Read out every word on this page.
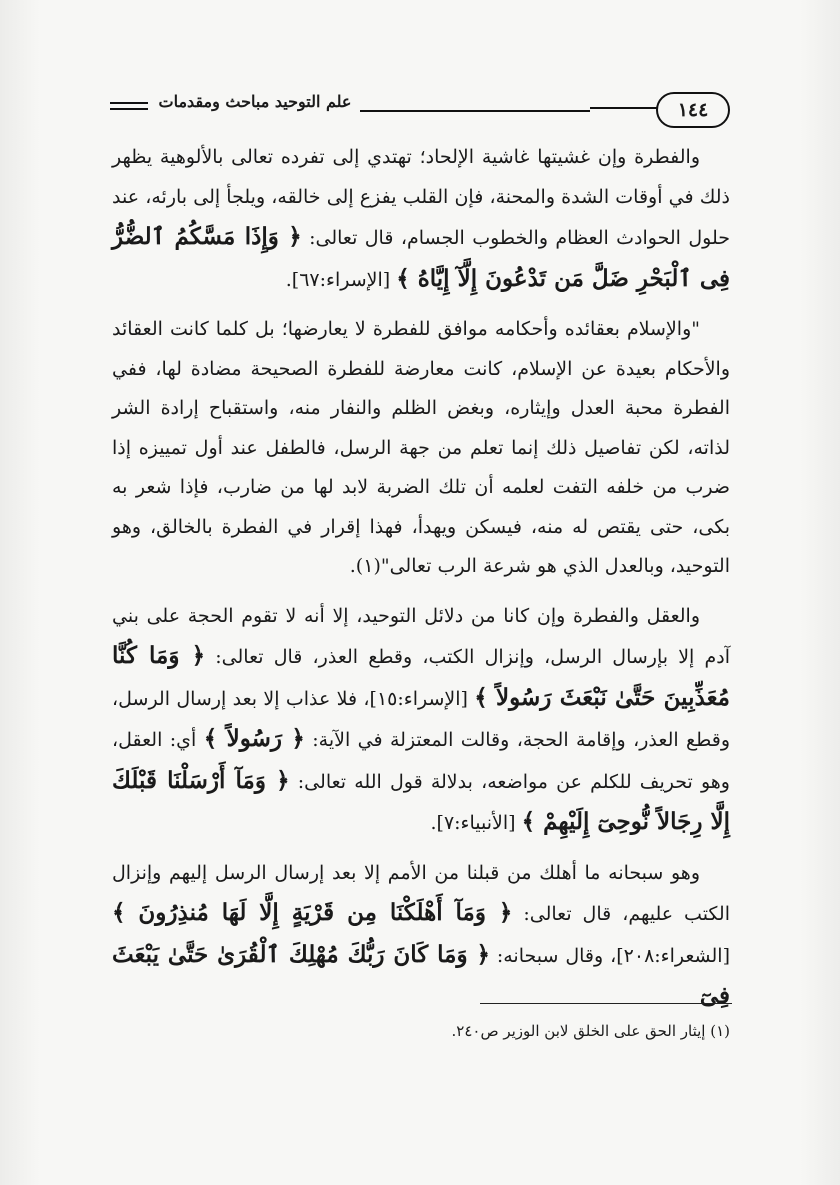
١٤٤
علم التوحيد مباحث ومقدمات

والفطرة وإن غشيتها غاشية الإلحاد؛ تهتدي إلى تفرده تعالى بالألوهية يظهر ذلك في أوقات الشدة والمحنة، فإن القلب يفزع إلى خالقه، ويلجأ إلى بارئه، عند حلول الحوادث العظام والخطوب الجسام، قال تعالى: ﴿ وَإِذَا مَسَّكُمُ ٱلضُّرُّ فِى ٱلْبَحْرِ ضَلَّ مَن تَدْعُونَ إِلَّآ إِيَّاهُ ﴾ [الإسراء:٦٧].

"والإسلام بعقائده وأحكامه موافق للفطرة لا يعارضها؛ بل كلما كانت العقائد والأحكام بعيدة عن الإسلام، كانت معارضة للفطرة الصحيحة مضادة لها، ففي الفطرة محبة العدل وإيثاره، وبغض الظلم والنفار منه، واستقباح إرادة الشر لذاته، لكن تفاصيل ذلك إنما تعلم من جهة الرسل، فالطفل عند أول تمييزه إذا ضرب من خلفه التفت لعلمه أن تلك الضربة لابد لها من ضارب، فإذا شعر به بكى، حتى يقتص له منه، فيسكن ويهدأ، فهذا إقرار في الفطرة بالخالق، وهو التوحيد، وبالعدل الذي هو شرعة الرب تعالى"(١).

والعقل والفطرة وإن كانا من دلائل التوحيد، إلا أنه لا تقوم الحجة على بني آدم إلا بإرسال الرسل، وإنزال الكتب، وقطع العذر، قال تعالى: ﴿ وَمَا كُنَّا مُعَذِّبِينَ حَتَّىٰ نَبْعَثَ رَسُولاً ﴾ [الإسراء:١٥]، فلا عذاب إلا بعد إرسال الرسل، وقطع العذر، وإقامة الحجة، وقالت المعتزلة في الآية: ﴿ رَسُولاً ﴾ أي: العقل، وهو تحريف للكلم عن مواضعه، بدلالة قول الله تعالى: ﴿ وَمَآ أَرْسَلْنَا قَبْلَكَ إِلَّا رِجَالاً نُّوحِىٓ إِلَيْهِمْ ﴾ [الأنبياء:٧].

وهو سبحانه ما أهلك من قبلنا من الأمم إلا بعد إرسال الرسل إليهم وإنزال الكتب عليهم، قال تعالى: ﴿ وَمَآ أَهْلَكْنَا مِن قَرْيَةٍ إِلَّا لَهَا مُنذِرُونَ ﴾ [الشعراء:٢٠٨]، وقال سبحانه: ﴿ وَمَا كَانَ رَبُّكَ مُهْلِكَ ٱلْقُرَىٰ حَتَّىٰ يَبْعَثَ فِىٓ

(١) إيثار الحق على الخلق لابن الوزير ص٢٤٠.
